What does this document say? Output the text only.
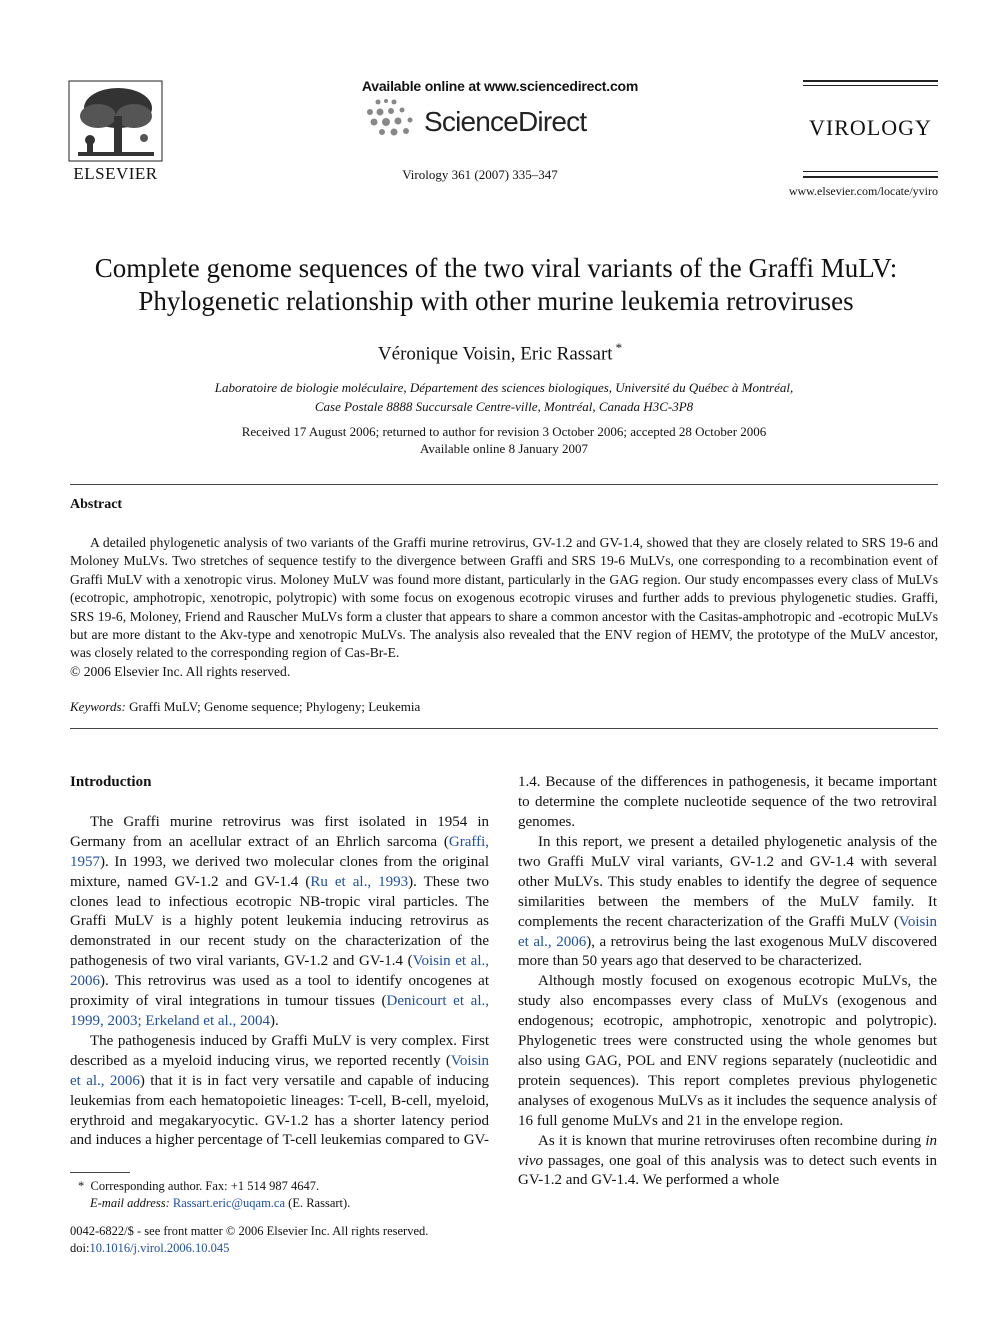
ELSEVIER
Available online at www.sciencedirect.com
ScienceDirect
Virology 361 (2007) 335–347
VIROLOGY
www.elsevier.com/locate/yviro
Complete genome sequences of the two viral variants of the Graffi MuLV:
Phylogenetic relationship with other murine leukemia retroviruses
Véronique Voisin, Eric Rassart *
Laboratoire de biologie moléculaire, Département des sciences biologiques, Université du Québec à Montréal,
Case Postale 8888 Succursale Centre-ville, Montréal, Canada H3C-3P8
Received 17 August 2006; returned to author for revision 3 October 2006; accepted 28 October 2006
Available online 8 January 2007
Abstract
A detailed phylogenetic analysis of two variants of the Graffi murine retrovirus, GV-1.2 and GV-1.4, showed that they are closely related to SRS 19-6 and Moloney MuLVs. Two stretches of sequence testify to the divergence between Graffi and SRS 19-6 MuLVs, one corresponding to a recombination event of Graffi MuLV with a xenotropic virus. Moloney MuLV was found more distant, particularly in the GAG region. Our study encompasses every class of MuLVs (ecotropic, amphotropic, xenotropic, polytropic) with some focus on exogenous ecotropic viruses and further adds to previous phylogenetic studies. Graffi, SRS 19-6, Moloney, Friend and Rauscher MuLVs form a cluster that appears to share a common ancestor with the Casitas-amphotropic and -ecotropic MuLVs but are more distant to the Akv-type and xenotropic MuLVs. The analysis also revealed that the ENV region of HEMV, the prototype of the MuLV ancestor, was closely related to the corresponding region of Cas-Br-E.
© 2006 Elsevier Inc. All rights reserved.
Keywords: Graffi MuLV; Genome sequence; Phylogeny; Leukemia
Introduction

The Graffi murine retrovirus was first isolated in 1954 in Germany from an acellular extract of an Ehrlich sarcoma (Graffi, 1957). In 1993, we derived two molecular clones from the original mixture, named GV-1.2 and GV-1.4 (Ru et al., 1993). These two clones lead to infectious ecotropic NB-tropic viral particles. The Graffi MuLV is a highly potent leukemia inducing retrovirus as demonstrated in our recent study on the characterization of the pathogenesis of two viral variants, GV-1.2 and GV-1.4 (Voisin et al., 2006). This retrovirus was used as a tool to identify oncogenes at proximity of viral integrations in tumour tissues (Denicourt et al., 1999, 2003; Erkeland et al., 2004).

The pathogenesis induced by Graffi MuLV is very complex. First described as a myeloid inducing virus, we reported recently (Voisin et al., 2006) that it is in fact very versatile and capable of inducing leukemias from each hematopoietic lineages: T-cell, B-cell, myeloid, erythroid and megakaryocytic. GV-1.2 has a shorter latency period and induces a higher percentage of T-cell leukemias compared to GV-

* Corresponding author. Fax: +1 514 987 4647.
E-mail address: Rassart.eric@uqam.ca (E. Rassart).
0042-6822/$ - see front matter © 2006 Elsevier Inc. All rights reserved.
doi:10.1016/j.virol.2006.10.045
1.4. Because of the differences in pathogenesis, it became important to determine the complete nucleotide sequence of the two retroviral genomes.

In this report, we present a detailed phylogenetic analysis of the two Graffi MuLV viral variants, GV-1.2 and GV-1.4 with several other MuLVs. This study enables to identify the degree of sequence similarities between the members of the MuLV family. It complements the recent characterization of the Graffi MuLV (Voisin et al., 2006), a retrovirus being the last exogenous MuLV discovered more than 50 years ago that deserved to be characterized.

Although mostly focused on exogenous ecotropic MuLVs, the study also encompasses every class of MuLVs (exogenous and endogenous; ecotropic, amphotropic, xenotropic and polytropic). Phylogenetic trees were constructed using the whole genomes but also using GAG, POL and ENV regions separately (nucleotidic and protein sequences). This report completes previous phylogenetic analyses of exogenous MuLVs as it includes the sequence analysis of 16 full genome MuLVs and 21 in the envelope region.

As it is known that murine retroviruses often recombine during in vivo passages, one goal of this analysis was to detect such events in GV-1.2 and GV-1.4. We performed a whole
